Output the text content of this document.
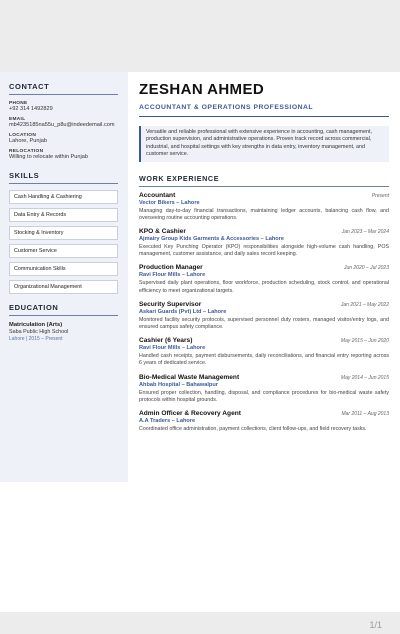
CONTACT
PHONE
+92 314 1492829
EMAIL
mb4235185na55u_p8u@indeedemail.com
LOCATION
Lahore, Punjab
RELOCATION
Willing to relocate within Punjab
SKILLS
Cash Handling & Cashiering
Data Entry & Records
Stocking & Inventory
Customer Service
Communication Skills
Organizational Management
EDUCATION
Matriculation (Arts)
Saba Public High School
Lahore | 2015 – Present
ZESHAN AHMED
ACCOUNTANT & OPERATIONS PROFESSIONAL
Versatile and reliable professional with extensive experience in accounting, cash management, production supervision, and administrative operations. Proven track record across commercial, industrial, and hospital settings with key strengths in data entry, inventory management, and customer service.
WORK EXPERIENCE
Accountant	Present
Vector Bikers – Lahore
Managing day-to-day financial transactions, maintaining ledger accounts, balancing cash flow, and overseeing routine accounting operations.
KPO & Cashier	Jan 2023 – Mar 2024
Ajmairy Group Kids Garments & Accessories – Lahore
Executed Key Punching Operator (KPO) responsibilities alongside high-volume cash handling, POS management, customer assistance, and daily sales record keeping.
Production Manager	Jun 2020 – Jul 2023
Ravi Flour Mills – Lahore
Supervised daily plant operations, floor workforce, production scheduling, stock control, and operational efficiency to meet organizational targets.
Security Supervisor	Jan 2021 – May 2022
Askari Guards (Pvt) Ltd – Lahore
Monitored facility security protocols, supervised personnel duty rosters, managed visitor/entry logs, and ensured campus safety compliance.
Cashier (6 Years)	May 2015 – Jun 2020
Ravi Flour Mills – Lahore
Handled cash receipts, payment disbursements, daily reconciliations, and financial entry reporting across 6 years of dedicated service.
Bio-Medical Waste Management	May 2014 – Jun 2015
Ahbab Hospital – Bahawalpur
Ensured proper collection, handling, disposal, and compliance procedures for bio-medical waste safety protocols within hospital grounds.
Admin Officer & Recovery Agent	Mar 2011 – Aug 2013
A.A Traders – Lahore
Coordinated office administration, payment collections, client follow-ups, and field recovery tasks.
1/1
